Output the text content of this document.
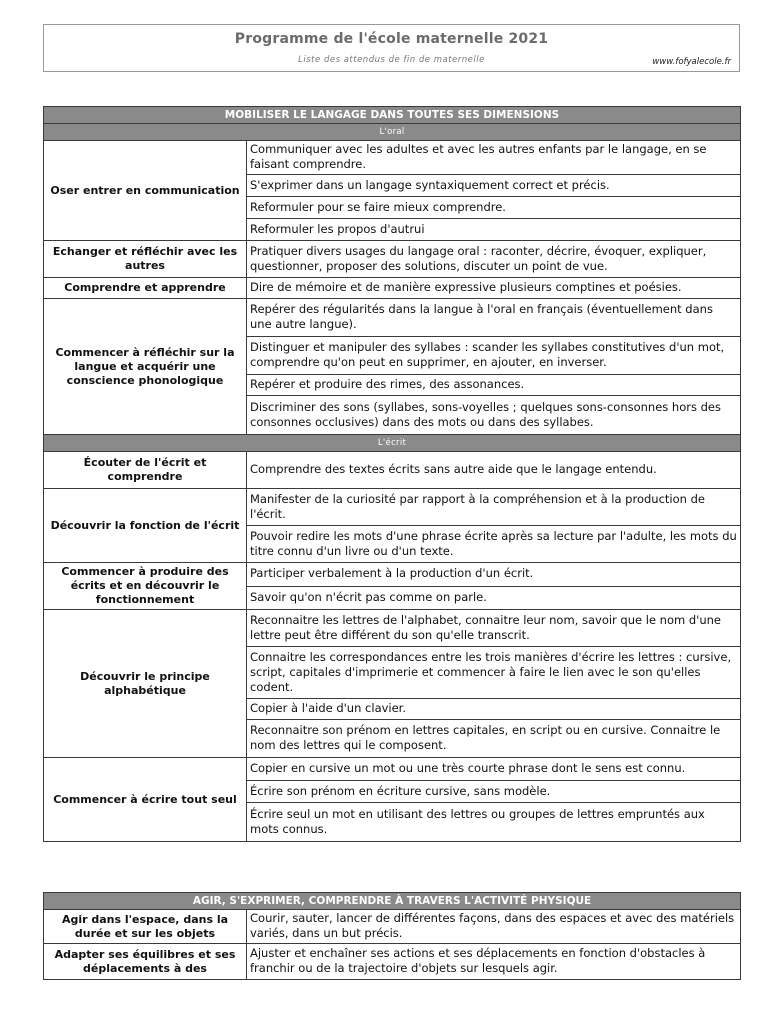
Programme de l'école maternelle 2021
Liste des attendus de fin de maternelle	www.fofyalecole.fr
MOBILISER LE LANGAGE DANS TOUTES SES DIMENSIONS	
L'oral	
Oser entrer en communication	Communiquer avec les adultes et avec les autres enfants par le langage, en se faisant comprendre.
	S'exprimer dans un langage syntaxiquement correct et précis.
	Reformuler pour se faire mieux comprendre.
	Reformuler les propos d'autrui
Echanger et réfléchir avec les autres	Pratiquer divers usages du langage oral : raconter, décrire, évoquer, expliquer, questionner, proposer des solutions, discuter un point de vue.
Comprendre et apprendre	Dire de mémoire et de manière expressive plusieurs comptines et poésies.
Commencer à réfléchir sur la langue et acquérir une conscience phonologique	Repérer des régularités dans la langue à l'oral en français (éventuellement dans une autre langue).
	Distinguer et manipuler des syllabes : scander les syllabes constitutives d'un mot, comprendre qu'on peut en supprimer, en ajouter, en inverser.
	Repérer et produire des rimes, des assonances.
	Discriminer des sons (syllabes, sons-voyelles ; quelques sons-consonnes hors des consonnes occlusives) dans des mots ou dans des syllabes.
L'écrit	
Écouter de l'écrit et comprendre	Comprendre des textes écrits sans autre aide que le langage entendu.
Découvrir la fonction de l'écrit	Manifester de la curiosité par rapport à la compréhension et à la production de l'écrit.
	Pouvoir redire les mots d'une phrase écrite après sa lecture par l'adulte, les mots du titre connu d'un livre ou d'un texte.
Commencer à produire des écrits et en découvrir le fonctionnement	Participer verbalement à la production d'un écrit.
	Savoir qu'on n'écrit pas comme on parle.
Découvrir le principe alphabétique	Reconnaitre les lettres de l'alphabet, connaitre leur nom, savoir que le nom d'une lettre peut être différent du son qu'elle transcrit.
	Connaitre les correspondances entre les trois manières d'écrire les lettres : cursive, script, capitales d'imprimerie et commencer à faire le lien avec le son qu'elles codent.
	Copier à l'aide d'un clavier.
	Reconnaitre son prénom en lettres capitales, en script ou en cursive. Connaitre le nom des lettres qui le composent.
Commencer à écrire tout seul	Copier en cursive un mot ou une très courte phrase dont le sens est connu.
	Écrire son prénom en écriture cursive, sans modèle.
	Écrire seul un mot en utilisant des lettres ou groupes de lettres empruntés aux mots connus.
AGIR, S'EXPRIMER, COMPRENDRE À TRAVERS L'ACTIVITÉ PHYSIQUE	
Agir dans l'espace, dans la durée et sur les objets	Courir, sauter, lancer de différentes façons, dans des espaces et avec des matériels variés, dans un but précis.
Adapter ses équilibres et ses déplacements à des	Ajuster et enchaîner ses actions et ses déplacements en fonction d'obstacles à franchir ou de la trajectoire d'objets sur lesquels agir.
